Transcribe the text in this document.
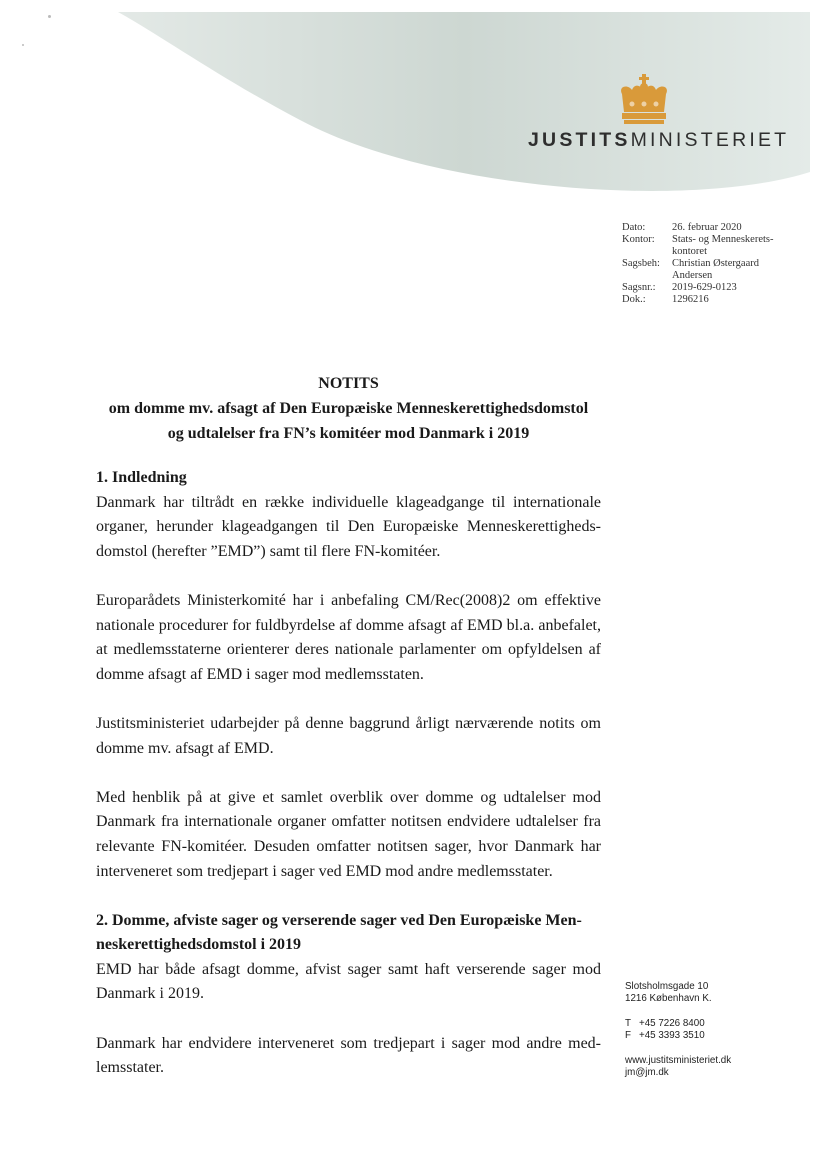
JUSTITSMINISTERIET
Dato:	26. februar 2020
Kontor:	Stats- og Menneskerets-kontoret
Sagsbeh:	Christian Østergaard Andersen
Sagsnr.:	2019-629-0123
Dok.:	1296216
NOTITS
om domme mv. afsagt af Den Europæiske Menneskerettighedsdomstol
og udtalelser fra FN’s komitéer mod Danmark i 2019
1. Indledning

Danmark har tiltrådt en række individuelle klageadgange til internationale organer, herunder klageadgangen til Den Europæiske Menneskerettighedsdomstol (herefter ”EMD”) samt til flere FN-komitéer.

Europarådets Ministerkomité har i anbefaling CM/Rec(2008)2 om effektive nationale procedurer for fuldbyrdelse af domme afsagt af EMD bl.a. anbefalet, at medlemsstaterne orienterer deres nationale parlamenter om opfyldelsen af domme afsagt af EMD i sager mod medlemsstaten.

Justitsministeriet udarbejder på denne baggrund årligt nærværende notits om domme mv. afsagt af EMD.

Med henblik på at give et samlet overblik over domme og udtalelser mod Danmark fra internationale organer omfatter notitsen endvidere udtalelser fra relevante FN-komitéer. Desuden omfatter notitsen sager, hvor Danmark har interveneret som tredjepart i sager ved EMD mod andre medlemsstater.

2. Domme, afviste sager og verserende sager ved Den Europæiske Menneskerettighedsdomstol i 2019

EMD har både afsagt domme, afvist sager samt haft verserende sager mod Danmark i 2019.

Danmark har endvidere interveneret som tredjepart i sager mod andre medlemsstater.

Slotsholmsgade 10
1216 København K.
T +45 7226 8400
F +45 3393 3510
www.justitsministeriet.dk
jm@jm.dk
